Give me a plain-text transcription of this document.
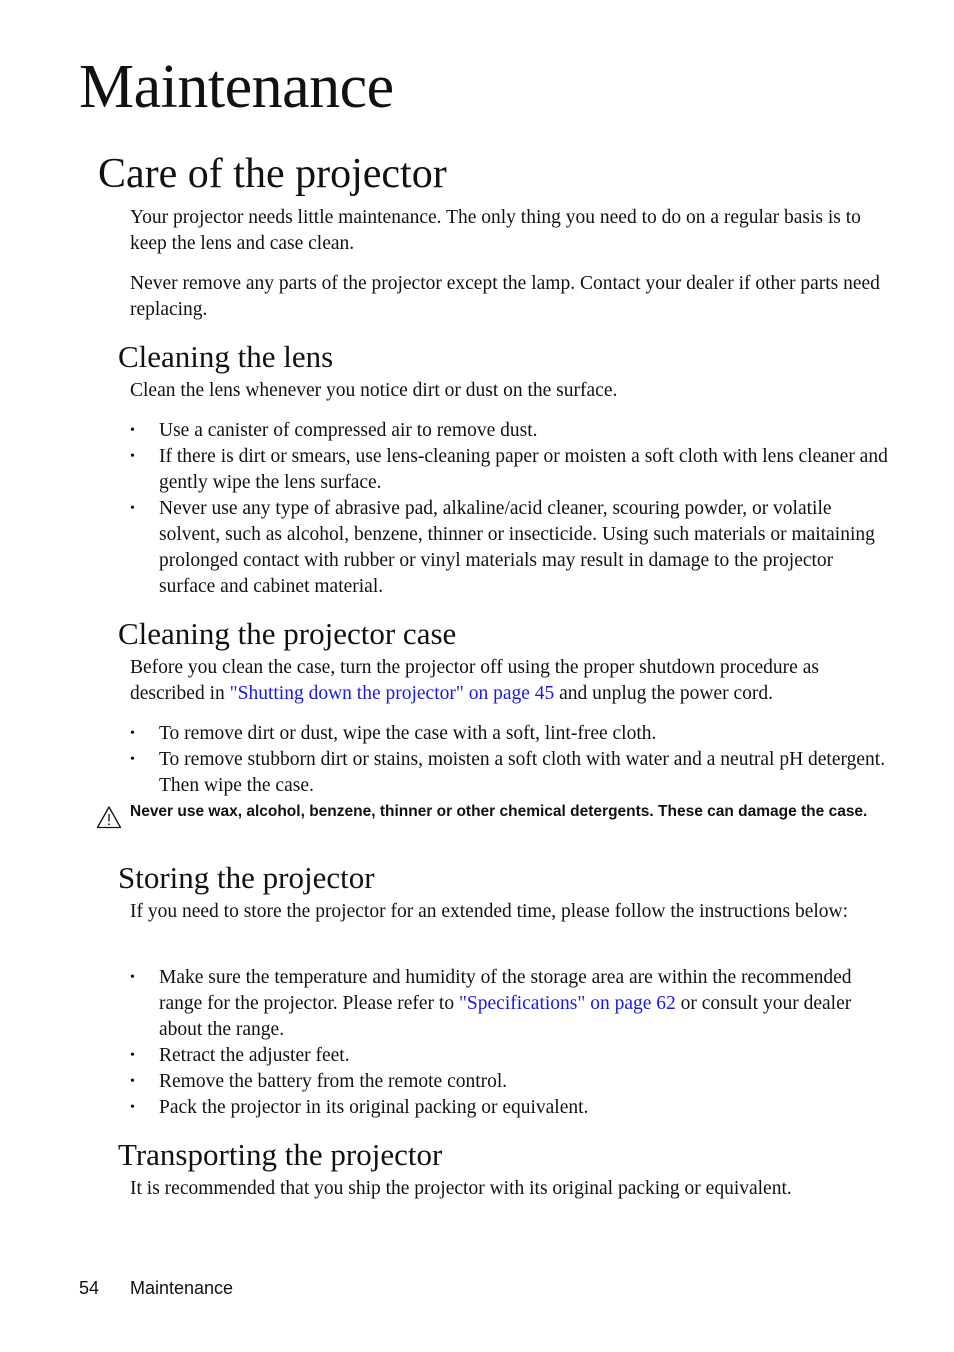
Maintenance
Care of the projector

Your projector needs little maintenance. The only thing you need to do on a regular basis is to keep the lens and case clean.

Never remove any parts of the projector except the lamp. Contact your dealer if other parts need replacing.

Cleaning the lens

Clean the lens whenever you notice dirt or dust on the surface.

• Use a canister of compressed air to remove dust.
• If there is dirt or smears, use lens-cleaning paper or moisten a soft cloth with lens cleaner and gently wipe the lens surface.
• Never use any type of abrasive pad, alkaline/acid cleaner, scouring powder, or volatile solvent, such as alcohol, benzene, thinner or insecticide. Using such materials or maitaining prolonged contact with rubber or vinyl materials may result in damage to the projector surface and cabinet material.
Cleaning the projector case

Before you clean the case, turn the projector off using the proper shutdown procedure as described in "Shutting down the projector" on page 45 and unplug the power cord.

• To remove dirt or dust, wipe the case with a soft, lint-free cloth.
• To remove stubborn dirt or stains, moisten a soft cloth with water and a neutral pH detergent. Then wipe the case.

Never use wax, alcohol, benzene, thinner or other chemical detergents. These can damage the case.

Storing the projector

If you need to store the projector for an extended time, please follow the instructions below:

• Make sure the temperature and humidity of the storage area are within the recommended range for the projector. Please refer to "Specifications" on page 62 or consult your dealer about the range.
• Retract the adjuster feet.
• Remove the battery from the remote control.
• Pack the projector in its original packing or equivalent.
Transporting the projector

It is recommended that you ship the projector with its original packing or equivalent.

54 Maintenance
